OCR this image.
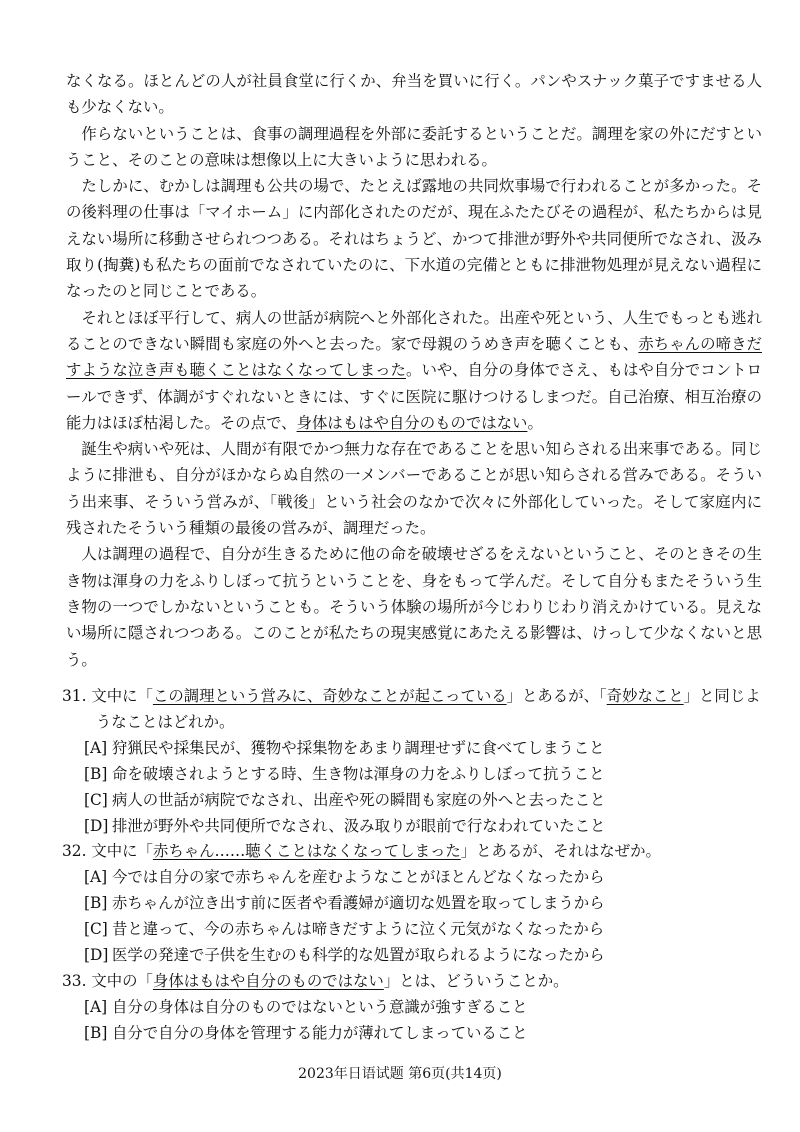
なくなる。ほとんどの人が社員食堂に行くか、弁当を買いに行く。パンやスナック菓子ですませる人も少なくない。

作らないということは、食事の調理過程を外部に委託するということだ。調理を家の外にだすということ、そのことの意味は想像以上に大きいように思われる。

たしかに、むかしは調理も公共の場で、たとえば露地の共同炊事場で行われることが多かった。その後料理の仕事は「マイホーム」に内部化されたのだが、現在ふたたびその過程が、私たちからは見えない場所に移動させられつつある。それはちょうど、かつて排泄が野外や共同便所でなされ、汲み取り(掏糞)も私たちの面前でなされていたのに、下水道の完備とともに排泄物処理が見えない過程になったのと同じことである。

それとほぼ平行して、病人の世話が病院へと外部化された。出産や死という、人生でもっとも逃れることのできない瞬間も家庭の外へと去った。家で母親のうめき声を聴くことも、赤ちゃんの啼きだすような泣き声も聴くことはなくなってしまった。いや、自分の身体でさえ、もはや自分でコントロールできず、体調がすぐれないときには、すぐに医院に駆けつけるしまつだ。自己治療、相互治療の能力はほぼ枯渇した。その点で、身体はもはや自分のものではない。

誕生や病いや死は、人間が有限でかつ無力な存在であることを思い知らされる出来事である。同じように排泄も、自分がほかならぬ自然の一メンバーであることが思い知らされる営みである。そういう出来事、そういう営みが、「戦後」という社会のなかで次々に外部化していった。そして家庭内に残されたそういう種類の最後の営みが、調理だった。

人は調理の過程で、自分が生きるために他の命を破壊せざるをえないということ、そのときその生き物は渾身の力をふりしぼって抗うということを、身をもって学んだ。そして自分もまたそういう生き物の一つでしかないということも。そういう体験の場所が今じわりじわり消えかけている。見えない場所に隠されつつある。このことが私たちの現実感覚にあたえる影響は、けっして少なくないと思う。

31. 文中に「この調理という営みに、奇妙なことが起こっている」とあるが、「奇妙なこと」と同じようなことはどれか。

[A] 狩猟民や採集民が、獲物や採集物をあまり調理せずに食べてしまうこと

[B] 命を破壊されようとする時、生き物は渾身の力をふりしぼって抗うこと

[C] 病人の世話が病院でなされ、出産や死の瞬間も家庭の外へと去ったこと

[D] 排泄が野外や共同便所でなされ、汲み取りが眼前で行なわれていたこと

32. 文中に「赤ちゃん……聴くことはなくなってしまった」とあるが、それはなぜか。

[A] 今では自分の家で赤ちゃんを産むようなことがほとんどなくなったから

[B] 赤ちゃんが泣き出す前に医者や看護婦が適切な処置を取ってしまうから

[C] 昔と違って、今の赤ちゃんは啼きだすように泣く元気がなくなったから

[D] 医学の発達で子供を生むのも科学的な処置が取られるようになったから

33. 文中の「身体はもはや自分のものではない」とは、どういうことか。

[A] 自分の身体は自分のものではないという意識が強すぎること

[B] 自分で自分の身体を管理する能力が薄れてしまっていること

2023年日语试题 第6页(共14页)
